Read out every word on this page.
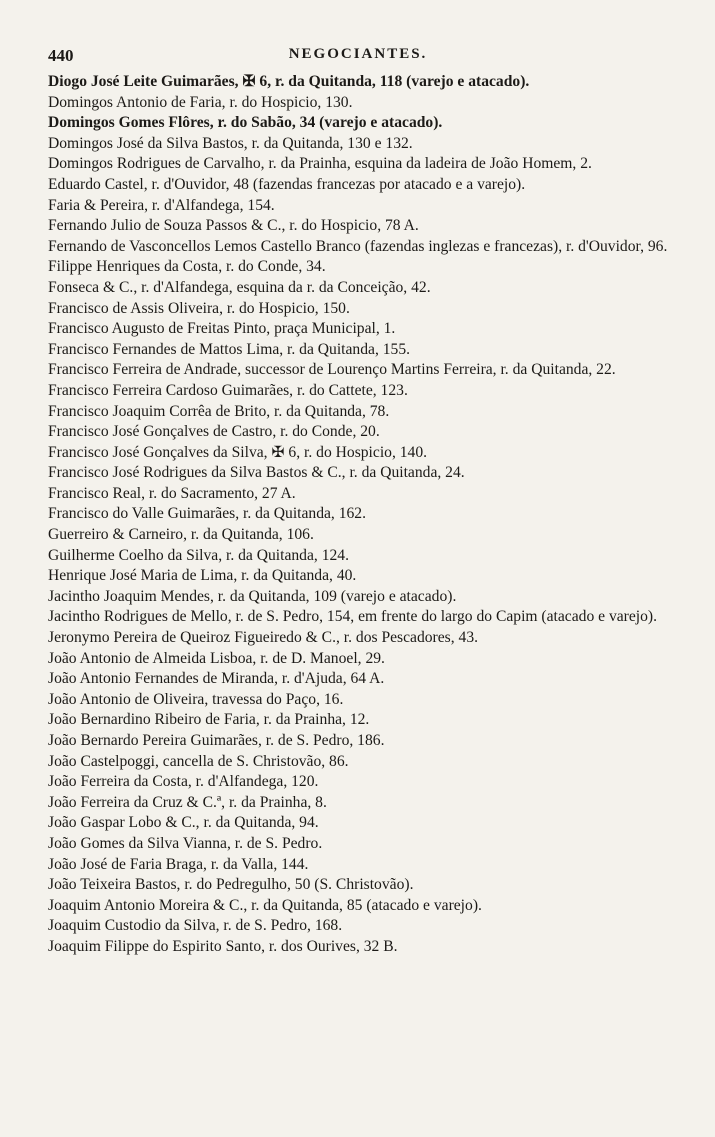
440	NEGOCIANTES.
Diogo José Leite Guimarães, ✠ 6, r. da Quitanda, 118 (varejo e atacado).
Domingos Antonio de Faria, r. do Hospicio, 130.
Domingos Gomes Flôres, r. do Sabão, 34 (varejo e atacado).
Domingos José da Silva Bastos, r. da Quitanda, 130 e 132.
Domingos Rodrigues de Carvalho, r. da Prainha, esquina da ladeira de João Homem, 2.
Eduardo Castel, r. d'Ouvidor, 48 (fazendas francezas por atacado e a varejo).
Faria & Pereira, r. d'Alfandega, 154.
Fernando Julio de Souza Passos & C., r. do Hospicio, 78 A.
Fernando de Vasconcellos Lemos Castello Branco (fazendas inglezas e francezas), r. d'Ouvidor, 96.
Filippe Henriques da Costa, r. do Conde, 34.
Fonseca & C., r. d'Alfandega, esquina da r. da Conceição, 42.
Francisco de Assis Oliveira, r. do Hospicio, 150.
Francisco Augusto de Freitas Pinto, praça Municipal, 1.
Francisco Fernandes de Mattos Lima, r. da Quitanda, 155.
Francisco Ferreira de Andrade, successor de Lourenço Martins Ferreira, r. da Quitanda, 22.
Francisco Ferreira Cardoso Guimarães, r. do Cattete, 123.
Francisco Joaquim Corrêa de Brito, r. da Quitanda, 78.
Francisco José Gonçalves de Castro, r. do Conde, 20.
Francisco José Gonçalves da Silva, ✠ 6, r. do Hospicio, 140.
Francisco José Rodrigues da Silva Bastos & C., r. da Quitanda, 24.
Francisco Real, r. do Sacramento, 27 A.
Francisco do Valle Guimarães, r. da Quitanda, 162.
Guerreiro & Carneiro, r. da Quitanda, 106.
Guilherme Coelho da Silva, r. da Quitanda, 124.
Henrique José Maria de Lima, r. da Quitanda, 40.
Jacintho Joaquim Mendes, r. da Quitanda, 109 (varejo e atacado).
Jacintho Rodrigues de Mello, r. de S. Pedro, 154, em frente do largo do Capim (atacado e varejo).
Jeronymo Pereira de Queiroz Figueiredo & C., r. dos Pescadores, 43.
João Antonio de Almeida Lisboa, r. de D. Manoel, 29.
João Antonio Fernandes de Miranda, r. d'Ajuda, 64 A.
João Antonio de Oliveira, travessa do Paço, 16.
João Bernardino Ribeiro de Faria, r. da Prainha, 12.
João Bernardo Pereira Guimarães, r. de S. Pedro, 186.
João Castelpoggi, cancella de S. Christovão, 86.
João Ferreira da Costa, r. d'Alfandega, 120.
João Ferreira da Cruz & C.ª, r. da Prainha, 8.
João Gaspar Lobo & C., r. da Quitanda, 94.
João Gomes da Silva Vianna, r. de S. Pedro.
João José de Faria Braga, r. da Valla, 144.
João Teixeira Bastos, r. do Pedregulho, 50 (S. Christovão).
Joaquim Antonio Moreira & C., r. da Quitanda, 85 (atacado e varejo).
Joaquim Custodio da Silva, r. de S. Pedro, 168.
Joaquim Filippe do Espirito Santo, r. dos Ourives, 32 B.
